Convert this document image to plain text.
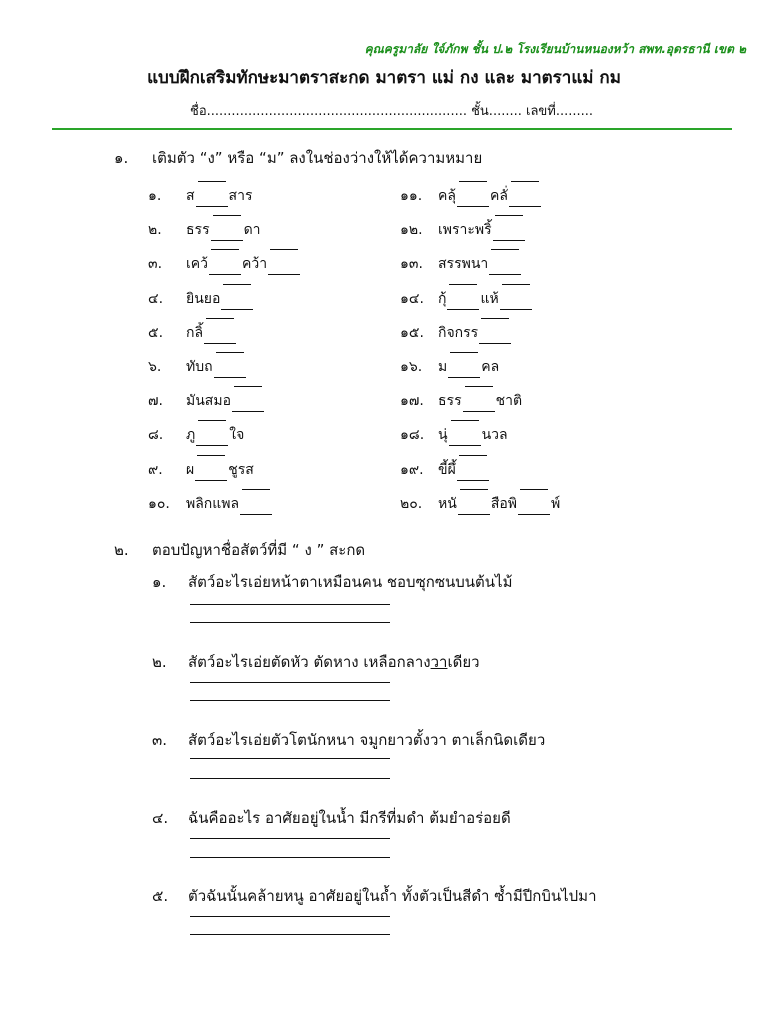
คุณครูมาลัย ใจ์ภักพ ชั้น ป.๒ โรงเรียนบ้านหนองหว้า สพท.อุดรธานี เขต ๒
แบบฝึกเสริมทักษะมาตราสะกด มาตรา แม่ กง และ มาตราแม่ กม
ชื่อ............................................................... ชั้น........ เลขที่.........
๑. เติมตัว “ง” หรือ “ม” ลงในช่องว่างให้ได้ความหมาย
๑. ส สาร
๒. ธรร ดา
๓. เคว้ คว้า
๔. ยินยอ
๕. กลิ้
๖. ทับถ
๗. มันสมอ
๘. ภู ใจ
๙. ผ ชูรส
๑๐. พลิกแพล
๑๑. คลุ้ คลั่
๑๒. เพราะพริ้
๑๓. สรรพนา
๑๔. กุ้ แห้
๑๕. กิจกรร
๑๖. ม คล
๑๗. ธรร ชาติ
๑๘. นุ่ นวล
๑๙. ขี้ผึ้
๒๐. หนั สือพิ พ์
๒. ตอบปัญหาชื่อสัตว์ที่มี “ ง ” สะกด
๑. สัตว์อะไรเอ่ยหน้าตาเหมือนคน ชอบซุกซนบนต้นไม้
๒. สัตว์อะไรเอ่ยตัดหัว ตัดหาง เหลือกลางวาเดียว
๓. สัตว์อะไรเอ่ยตัวโตนักหนา จมูกยาวตั้งวา ตาเล็กนิดเดียว
๔. ฉันคืออะไร อาศัยอยู่ในน้ำ มีกรีที่มดำ ต้มยำอร่อยดี
๕. ตัวฉันนั้นคล้ายหนู อาศัยอยู่ในถ้ำ ทั้งตัวเป็นสีดำ ซ้ำมีปีกบินไปมา
